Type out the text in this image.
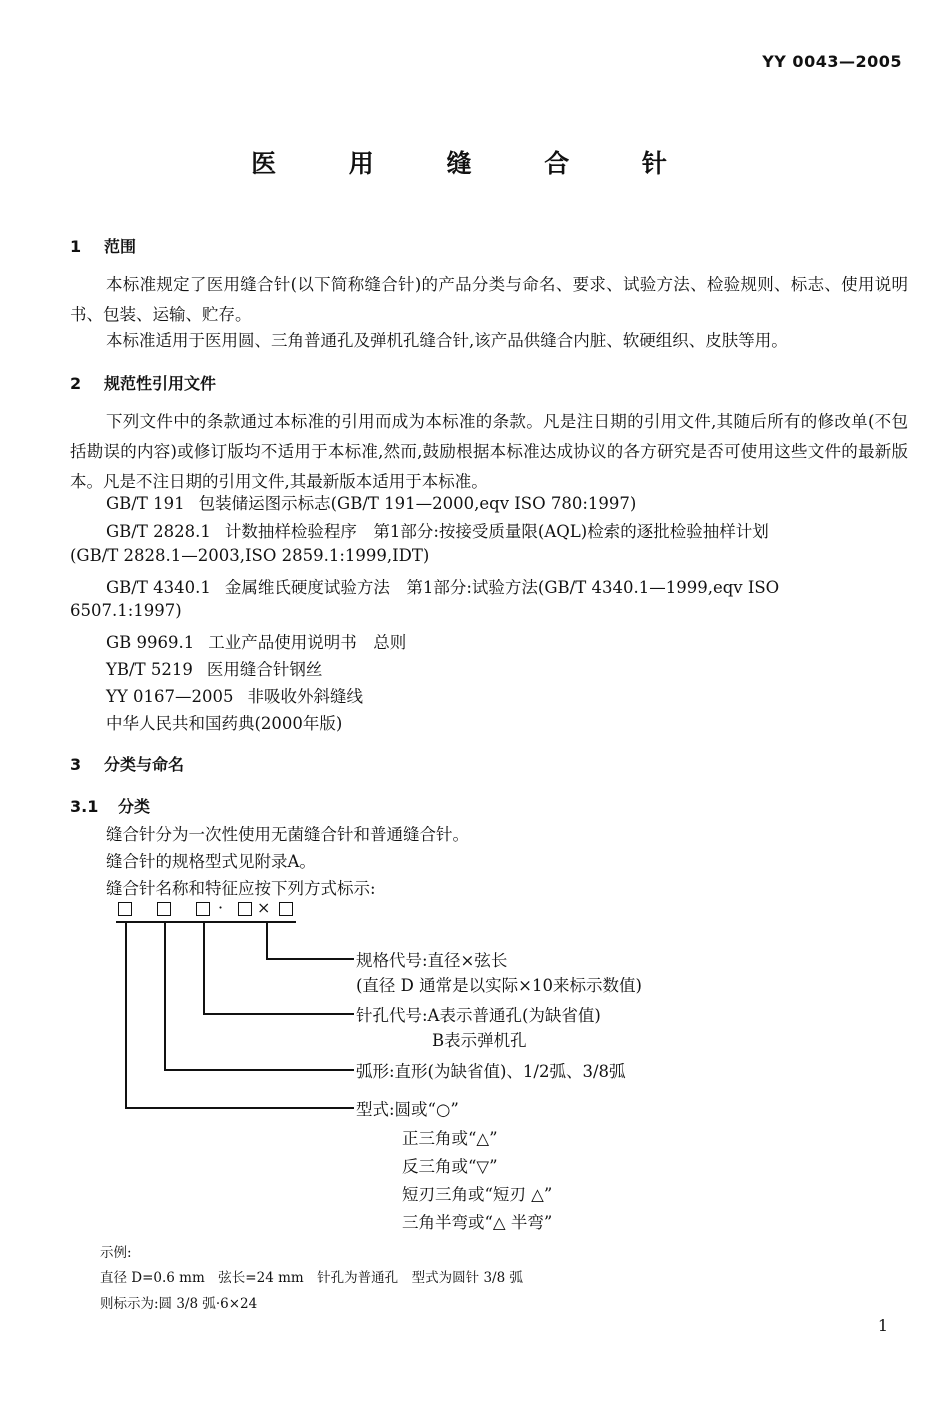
YY 0043—2005
医 用 缝 合 针
1 范围
本标准规定了医用缝合针(以下简称缝合针)的产品分类与命名、要求、试验方法、检验规则、标志、使用说明书、包装、运输、贮存。
本标准适用于医用圆、三角普通孔及弹机孔缝合针,该产品供缝合内脏、软硬组织、皮肤等用。
2 规范性引用文件
下列文件中的条款通过本标准的引用而成为本标准的条款。凡是注日期的引用文件,其随后所有的修改单(不包括勘误的内容)或修订版均不适用于本标准,然而,鼓励根据本标准达成协议的各方研究是否可使用这些文件的最新版本。凡是不注日期的引用文件,其最新版本适用于本标准。
GB/T 191 包装储运图示标志(GB/T 191—2000,eqv ISO 780:1997)
GB/T 2828.1 计数抽样检验程序　第1部分:按接受质量限(AQL)检索的逐批检验抽样计划
(GB/T 2828.1—2003,ISO 2859.1:1999,IDT)
GB/T 4340.1 金属维氏硬度试验方法　第1部分:试验方法(GB/T 4340.1—1999,eqv ISO
6507.1:1997)
GB 9969.1 工业产品使用说明书　总则
YB/T 5219 医用缝合针钢丝
YY 0167—2005 非吸收外斜缝线
中华人民共和国药典(2000年版)
3 分类与命名
3.1 分类
缝合针分为一次性使用无菌缝合针和普通缝合针。
缝合针的规格型式见附录A。
缝合针名称和特征应按下列方式标示:
· ×
规格代号:直径×弦长
(直径 D 通常是以实际×10来标示数值)
针孔代号:A表示普通孔(为缺省值)
B表示弹机孔
弧形:直形(为缺省值)、1/2弧、3/8弧
型式:圆或“○”
正三角或“△”
反三角或“▽”
短刃三角或“短刃 △”
三角半弯或“△ 半弯”
示例:
直径 D=0.6 mm　弦长=24 mm　针孔为普通孔　型式为圆针 3/8 弧
则标示为:圆 3/8 弧·6×24
1
